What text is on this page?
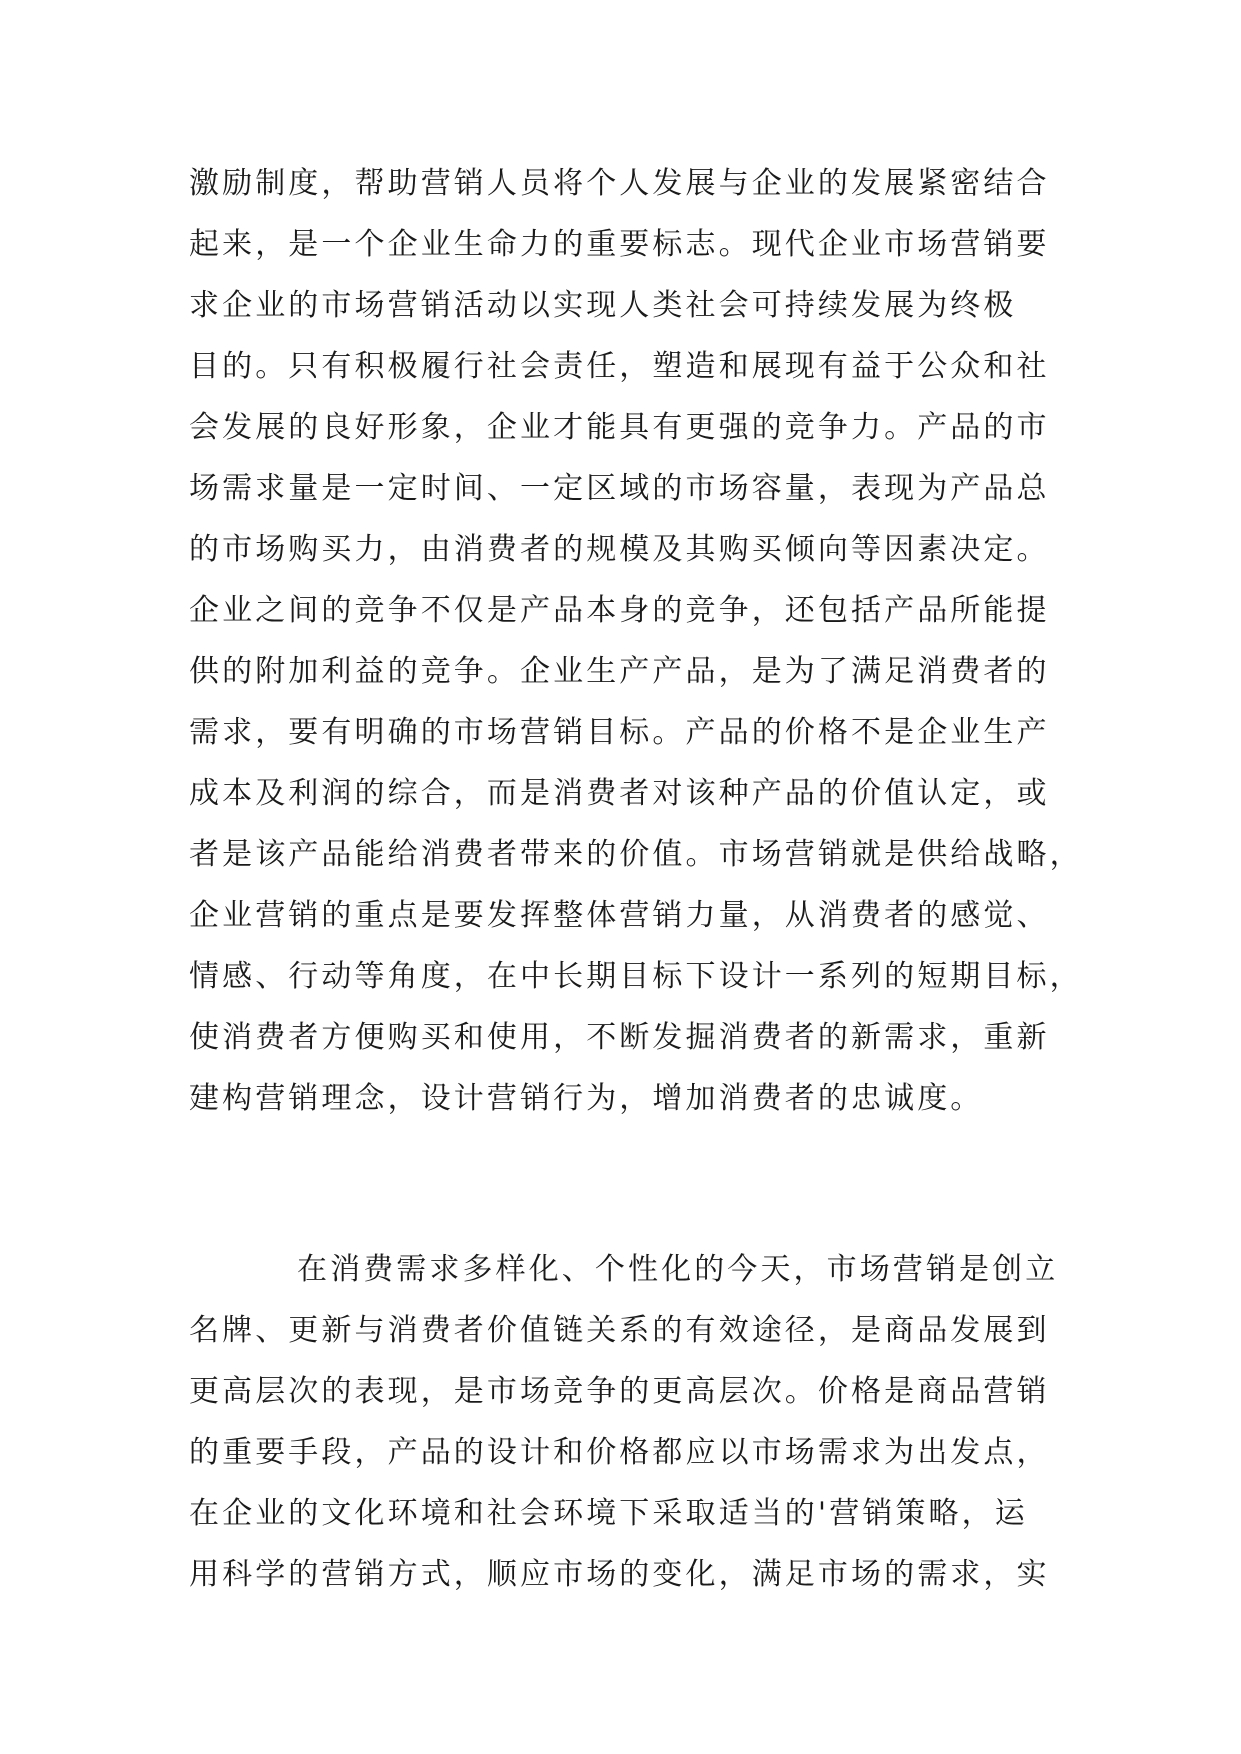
激励制度，帮助营销人员将个人发展与企业的发展紧密结合
起来，是一个企业生命力的重要标志。现代企业市场营销要
求企业的市场营销活动以实现人类社会可持续发展为终极
目的。只有积极履行社会责任，塑造和展现有益于公众和社
会发展的良好形象，企业才能具有更强的竞争力。产品的市
场需求量是一定时间、一定区域的市场容量，表现为产品总
的市场购买力，由消费者的规模及其购买倾向等因素决定。
企业之间的竞争不仅是产品本身的竞争，还包括产品所能提
供的附加利益的竞争。企业生产产品，是为了满足消费者的
需求，要有明确的市场营销目标。产品的价格不是企业生产
成本及利润的综合，而是消费者对该种产品的价值认定，或
者是该产品能给消费者带来的价值。市场营销就是供给战略，
企业营销的重点是要发挥整体营销力量，从消费者的感觉、
情感、行动等角度，在中长期目标下设计一系列的短期目标，
使消费者方便购买和使用，不断发掘消费者的新需求，重新
建构营销理念，设计营销行为，增加消费者的忠诚度。
在消费需求多样化、个性化的今天，市场营销是创立
名牌、更新与消费者价值链关系的有效途径，是商品发展到
更高层次的表现，是市场竞争的更高层次。价格是商品营销
的重要手段，产品的设计和价格都应以市场需求为出发点，
在企业的文化环境和社会环境下采取适当的'营销策略，运
用科学的营销方式，顺应市场的变化，满足市场的需求，实
